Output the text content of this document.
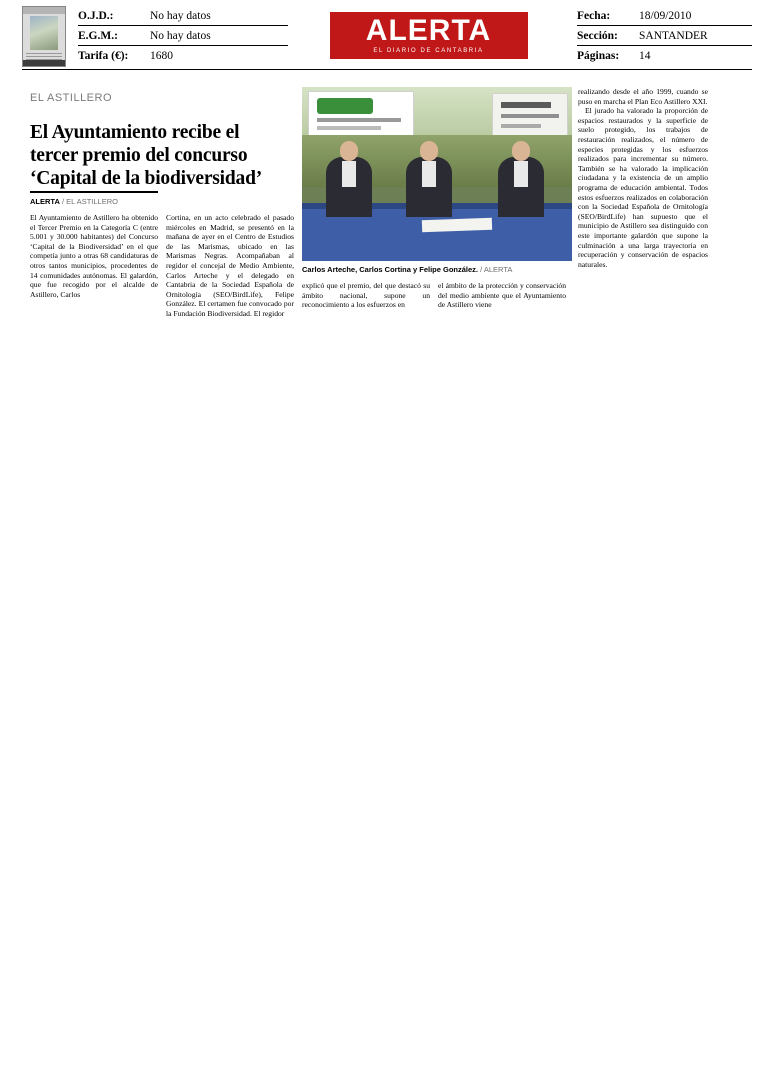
O.J.D.:	No hay datos
E.G.M.:	No hay datos
Tarifa (€):	1680
ALERTA
EL DIARIO DE CANTABRIA
Fecha:	18/09/2010
Sección:	SANTANDER
Páginas:	14
EL ASTILLERO
El Ayuntamiento recibe el tercer premio del concurso ‘Capital de la biodiversidad’
ALERTA / EL ASTILLERO

El Ayuntamiento de Astillero ha obtenido el Tercer Premio en la Categoría C (entre 5.001 y 30.000 habitantes) del Concurso ‘Capital de la Biodiversidad’ en el que competía junto a otras 68 candidaturas de otros tantos municipios, procedentes de 14 comunidades autónomas. El galardón, que fue recogido por el alcalde de Astillero, Carlos

Cortina, en un acto celebrado el pasado miércoles en Madrid, se presentó en la mañana de ayer en el Centro de Estudios de las Marismas, ubicado en las Marismas Negras. Acompañaban al regidor el concejal de Medio Ambiente, Carlos Arteche y el delegado en Cantabria de la Sociedad Española de Ornitología (SEO/BirdLife), Felipe González. El certamen fue convocado por la Fundación Biodiversidad. El regidor

explicó que el premio, del que destacó su ámbito nacional, supone un reconocimiento a los esfuerzos en

el ámbito de la protección y conservación del medio ambiente que el Ayuntamiento de Astillero viene

realizando desde el año 1999, cuando se puso en marcha el Plan Eco Astillero XXI.

El jurado ha valorado la proporción de espacios restaurados y la superficie de suelo protegido, los trabajos de restauración realizados, el número de especies protegidas y los esfuerzos realizados para incrementar su número. También se ha valorado la implicación ciudadana y la existencia de un amplio programa de educación ambiental. Todos estos esfuerzos realizados en colaboración con la Sociedad Española de Ornitología (SEO/BirdLife) han supuesto que el municipio de Astillero sea distinguido con este importante galardón que supone la culminación a una larga trayectoria en recuperación y conservación de espacios naturales.

Carlos Arteche, Carlos Cortina y Felipe González. / ALERTA
